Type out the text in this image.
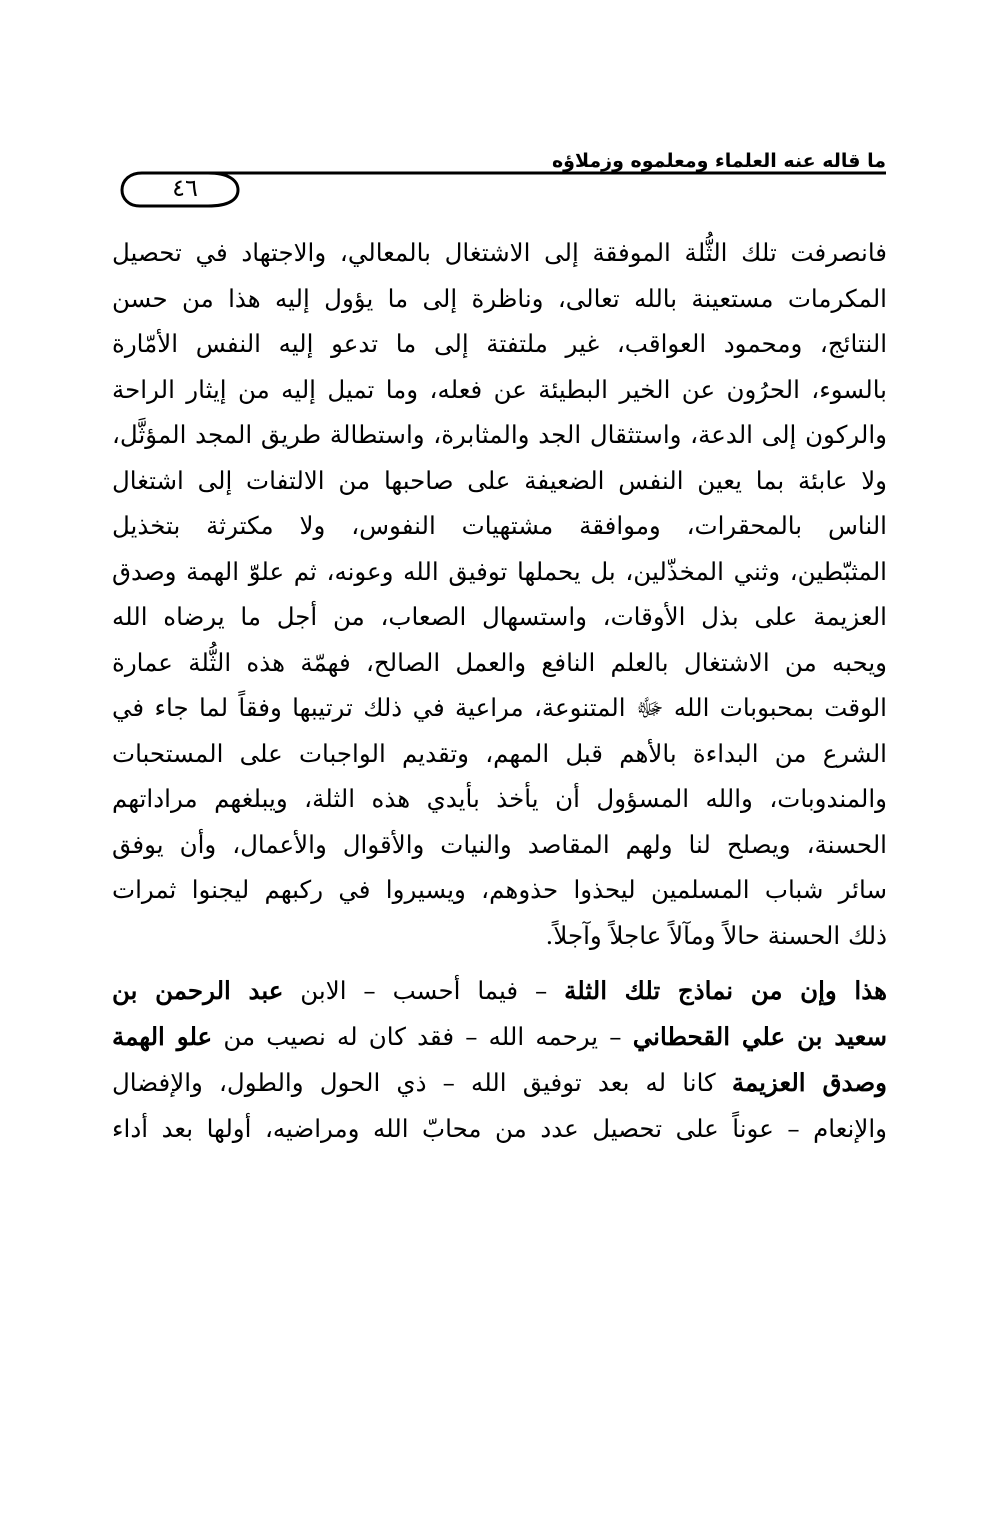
ما قاله عنه العلماء ومعلموه وزملاؤه
٤٦
فانصرفت تلك الثُّلة الموفقة إلى الاشتغال بالمعالي، والاجتهاد في تحصيل
المكرمات مستعينة بالله تعالى، وناظرة إلى ما يؤول إليه هذا من حسن
النتائج، ومحمود العواقب، غير ملتفتة إلى ما تدعو إليه النفس الأمّارة
بالسوء، الحرُون عن الخير البطيئة عن فعله، وما تميل إليه من إيثار الراحة
والركون إلى الدعة، واستثقال الجد والمثابرة، واستطالة طريق المجد المؤثَّل،
ولا عابئة بما يعين النفس الضعيفة على صاحبها من الالتفات إلى اشتغال
الناس بالمحقرات، وموافقة مشتهيات النفوس، ولا مكترثة بتخذيل
المثبّطين، وثني المخذّلين، بل يحملها توفيق الله وعونه، ثم علوّ الهمة وصدق
العزيمة على بذل الأوقات، واستسهال الصعاب، من أجل ما يرضاه الله
ويحبه من الاشتغال بالعلم النافع والعمل الصالح، فهمّة هذه الثُّلة عمارة
الوقت بمحبوبات الله ﷻ المتنوعة، مراعية في ذلك ترتيبها وفقاً لما جاء في
الشرع من البداءة بالأهم قبل المهم، وتقديم الواجبات على المستحبات
والمندوبات، والله المسؤول أن يأخذ بأيدي هذه الثلة، ويبلغهم مراداتهم
الحسنة، ويصلح لنا ولهم المقاصد والنيات والأقوال والأعمال، وأن يوفق
سائر شباب المسلمين ليحذوا حذوهم، ويسيروا في ركبهم ليجنوا ثمرات
ذلك الحسنة حالاً ومآلاً عاجلاً وآجلاً.
هذا وإن من نماذج تلك الثلة – فيما أحسب – الابن عبد الرحمن بن
سعيد بن علي القحطاني – يرحمه الله – فقد كان له نصيب من علو الهمة
وصدق العزيمة كانا له بعد توفيق الله – ذي الحول والطول، والإفضال
والإنعام – عوناً على تحصيل عدد من محابّ الله ومراضيه، أولها بعد أداء
